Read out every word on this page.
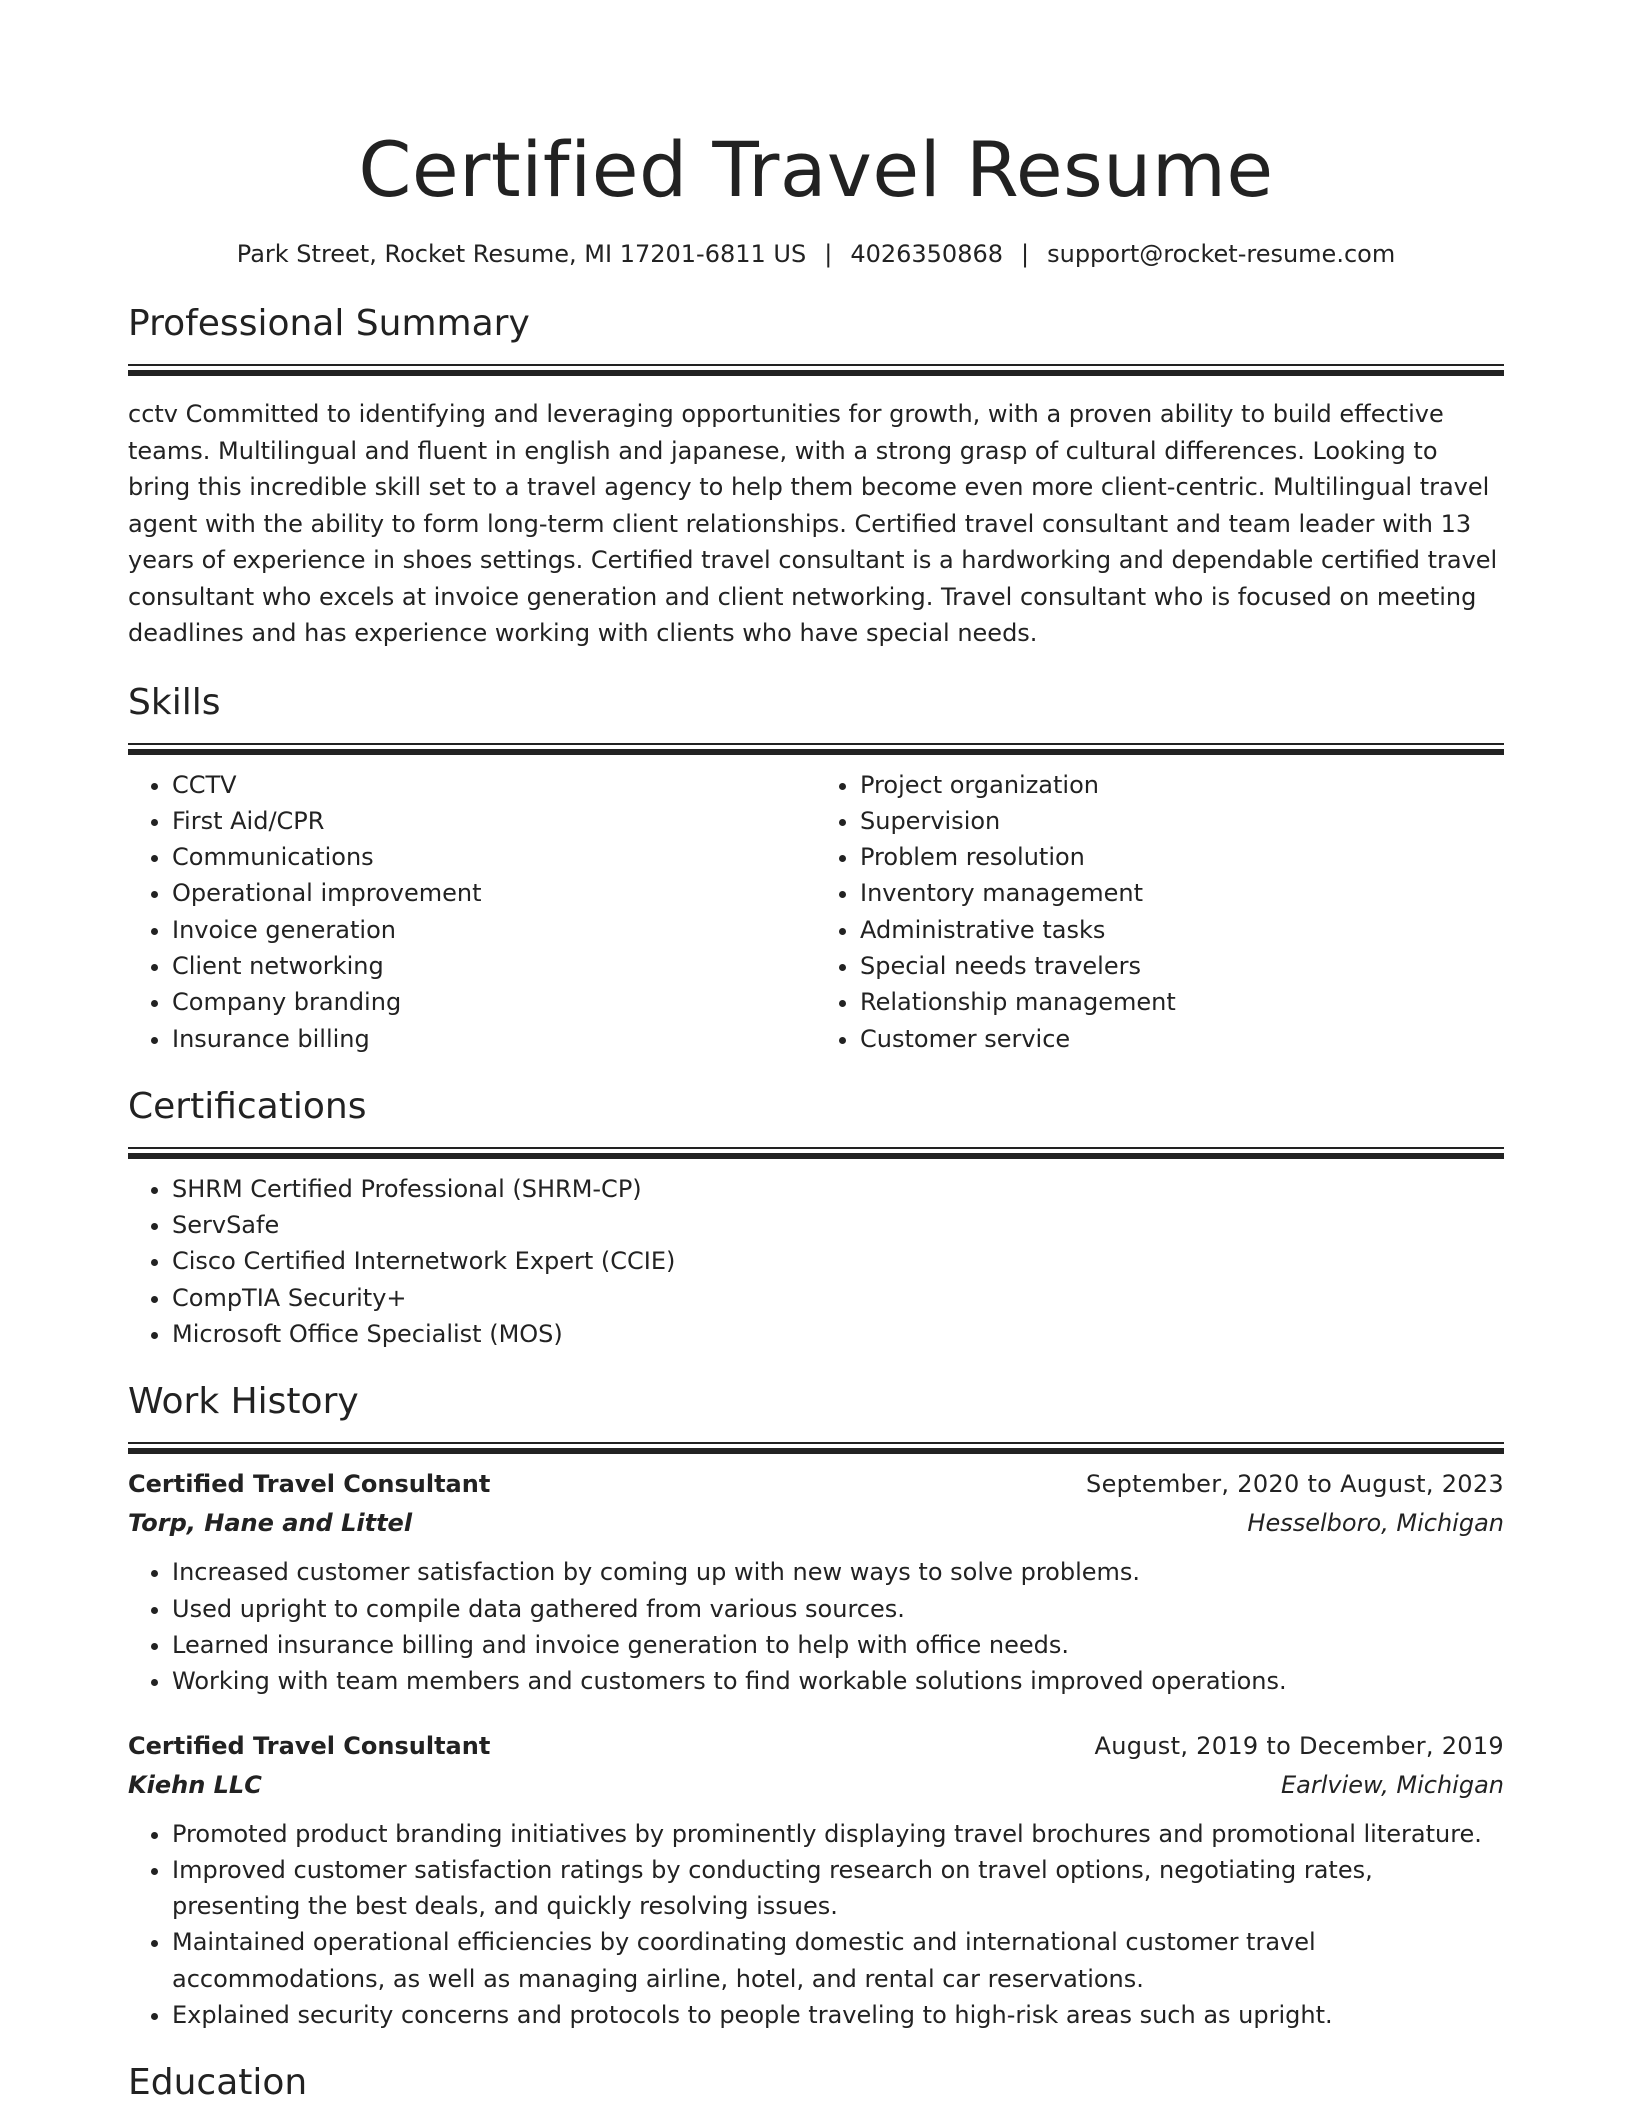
Certified Travel Resume
Park Street, Rocket Resume, MI 17201-6811 US | 4026350868 | support@rocket-resume.com
Professional Summary

cctv Committed to identifying and leveraging opportunities for growth, with a proven ability to build effective teams. Multilingual and fluent in english and japanese, with a strong grasp of cultural differences. Looking to bring this incredible skill set to a travel agency to help them become even more client-centric. Multilingual travel agent with the ability to form long-term client relationships. Certified travel consultant and team leader with 13 years of experience in shoes settings. Certified travel consultant is a hardworking and dependable certified travel consultant who excels at invoice generation and client networking. Travel consultant who is focused on meeting deadlines and has experience working with clients who have special needs.

Skills
• CCTV
• First Aid/CPR
• Communications
• Operational improvement
• Invoice generation
• Client networking
• Company branding
• Insurance billing
• Project organization
• Supervision
• Problem resolution
• Inventory management
• Administrative tasks
• Special needs travelers
• Relationship management
• Customer service
Certifications
• SHRM Certified Professional (SHRM-CP)
• ServSafe
• Cisco Certified Internetwork Expert (CCIE)
• CompTIA Security+
• Microsoft Office Specialist (MOS)
Work History
Certified Travel Consultant	September, 2020 to August, 2023
Torp, Hane and Littel	Hesselboro, Michigan
• Increased customer satisfaction by coming up with new ways to solve problems.
• Used upright to compile data gathered from various sources.
• Learned insurance billing and invoice generation to help with office needs.
• Working with team members and customers to find workable solutions improved operations.
Certified Travel Consultant	August, 2019 to December, 2019
Kiehn LLC	Earlview, Michigan
• Promoted product branding initiatives by prominently displaying travel brochures and promotional literature.
• Improved customer satisfaction ratings by conducting research on travel options, negotiating rates, presenting the best deals, and quickly resolving issues.
• Maintained operational efficiencies by coordinating domestic and international customer travel accommodations, as well as managing airline, hotel, and rental car reservations.
• Explained security concerns and protocols to people traveling to high-risk areas such as upright.
Education
